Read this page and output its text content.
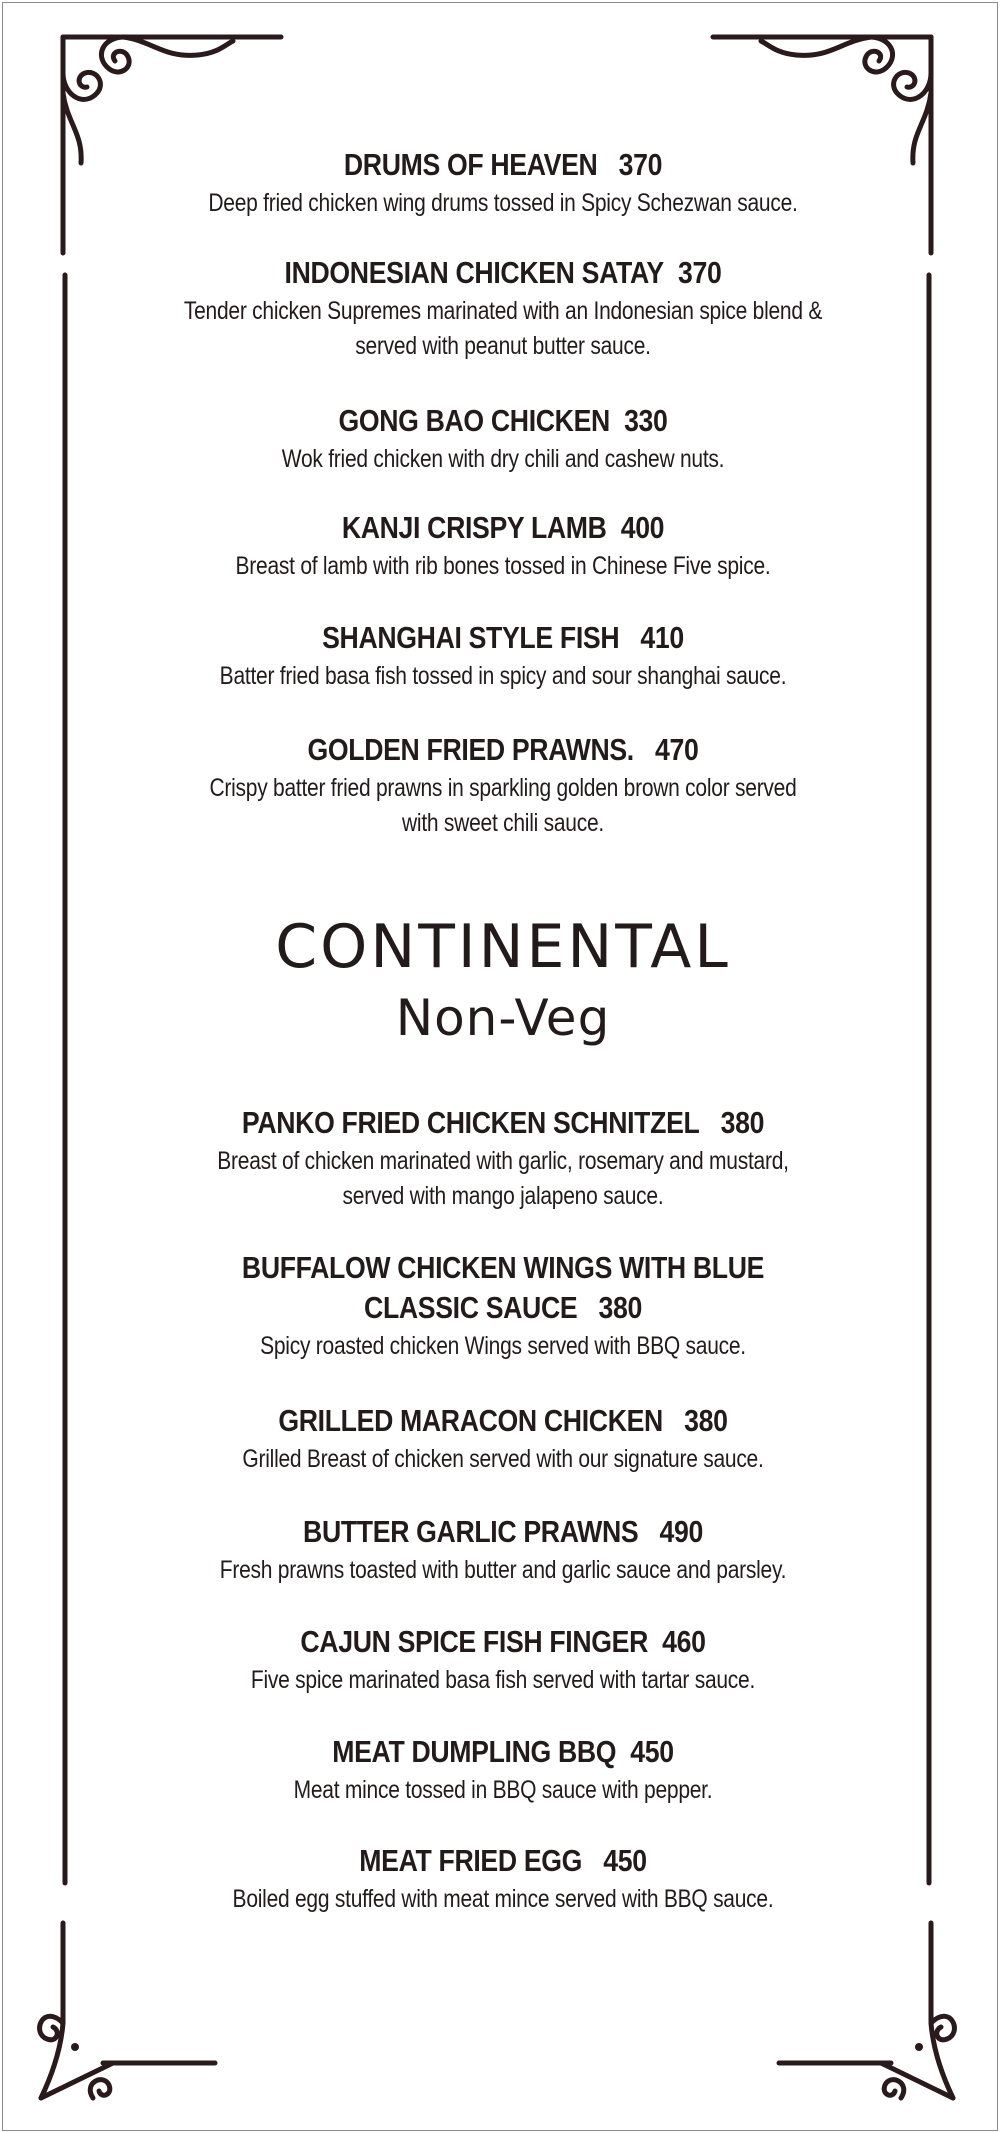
DRUMS OF HEAVEN 370
Deep fried chicken wing drums tossed in Spicy Schezwan sauce.
INDONESIAN CHICKEN SATAY 370
Tender chicken Supremes marinated with an Indonesian spice blend & served with peanut butter sauce.
GONG BAO CHICKEN 330
Wok fried chicken with dry chili and cashew nuts.
KANJI CRISPY LAMB 400
Breast of lamb with rib bones tossed in Chinese Five spice.
SHANGHAI STYLE FISH 410
Batter fried basa fish tossed in spicy and sour shanghai sauce.
GOLDEN FRIED PRAWNS. 470
Crispy batter fried prawns in sparkling golden brown color served with sweet chili sauce.
CONTINENTAL
Non-Veg
PANKO FRIED CHICKEN SCHNITZEL 380
Breast of chicken marinated with garlic, rosemary and mustard, served with mango jalapeno sauce.
BUFFALOW CHICKEN WINGS WITH BLUE CLASSIC SAUCE 380
Spicy roasted chicken Wings served with BBQ sauce.
GRILLED MARACON CHICKEN 380
Grilled Breast of chicken served with our signature sauce.
BUTTER GARLIC PRAWNS 490
Fresh prawns toasted with butter and garlic sauce and parsley.
CAJUN SPICE FISH FINGER 460
Five spice marinated basa fish served with tartar sauce.
MEAT DUMPLING BBQ 450
Meat mince tossed in BBQ sauce with pepper.
MEAT FRIED EGG 450
Boiled egg stuffed with meat mince served with BBQ sauce.
